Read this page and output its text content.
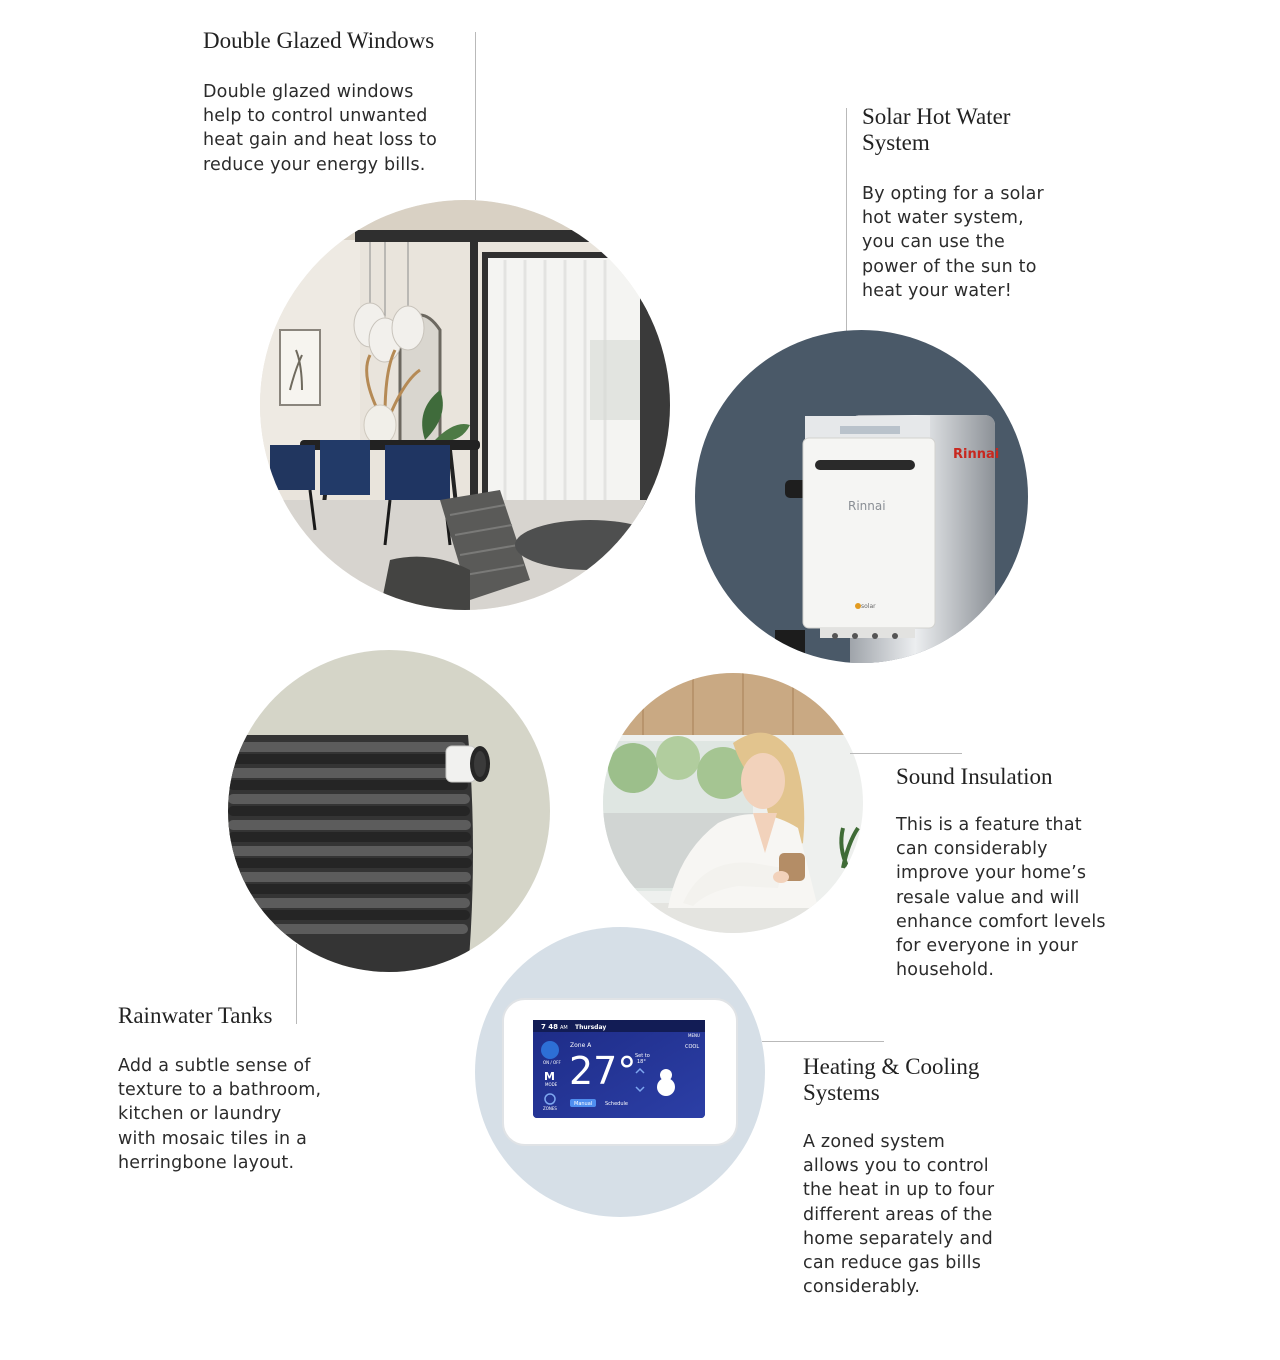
Double Glazed Windows
Double glazed windows
help to control unwanted
heat gain and heat loss to
reduce your energy bills.
Solar Hot Water
System
By opting for a solar
hot water system,
you can use the
power of the sun to
heat your water!
Rinnai
Rinnai
solar
Rainwater Tanks
Add a subtle sense of
texture to a bathroom,
kitchen or laundry
with mosaic tiles in a
herringbone layout.
Sound Insulation
This is a feature that
can considerably
improve your home’s
resale value and will
enhance comfort levels
for everyone in your
household.
7 48 AM Thursday
MENU
ON / OFF
M
MODE
ZONES
Zone A
27°
Set to
18°
COOL
Manual	Schedule
Heating & Cooling
Systems
A zoned system
allows you to control
the heat in up to four
different areas of the
home separately and
can reduce gas bills
considerably.
